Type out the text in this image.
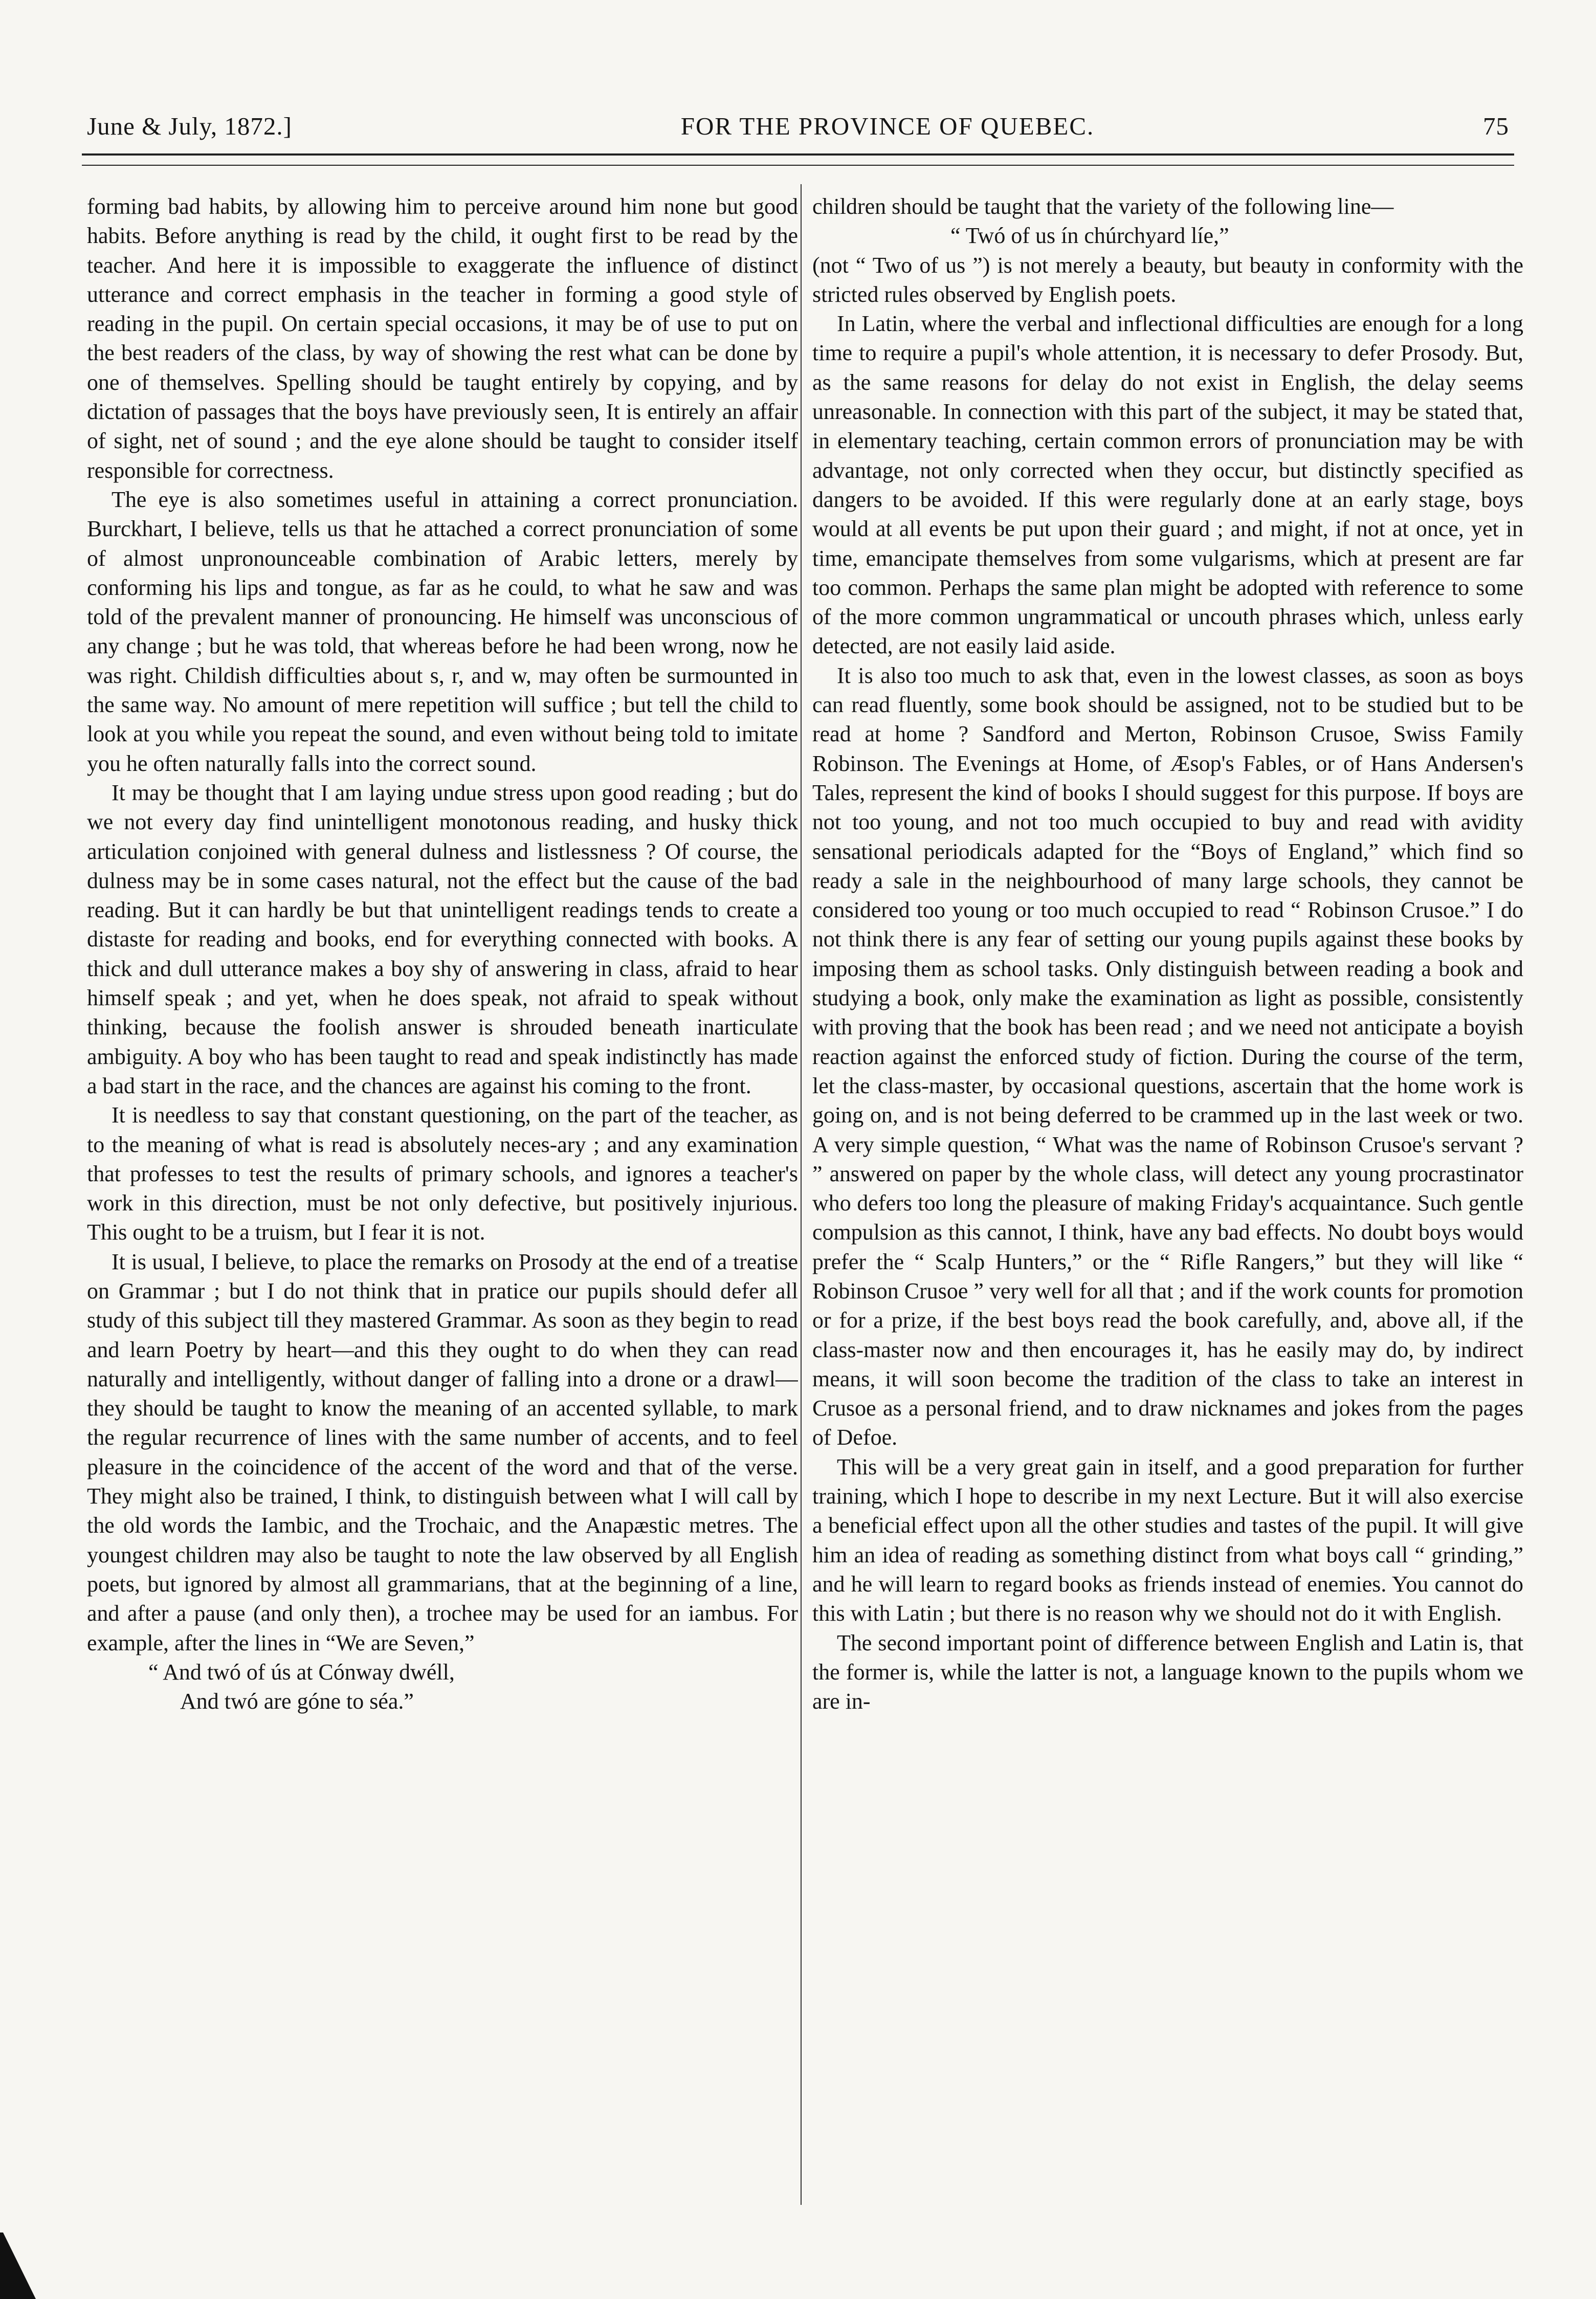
June & July, 1872.]	FOR THE PROVINCE OF QUEBEC.	75

forming bad habits, by allowing him to perceive around him none but good habits. Before anything is read by the child, it ought first to be read by the teacher. And here it is impossible to exaggerate the influence of distinct utterance and correct emphasis in the teacher in forming a good style of reading in the pupil. On certain special occasions, it may be of use to put on the best readers of the class, by way of showing the rest what can be done by one of themselves. Spelling should be taught entirely by copying, and by dictation of passages that the boys have previously seen, It is entirely an affair of sight, net of sound ; and the eye alone should be taught to consider itself responsible for correctness.

The eye is also sometimes useful in attaining a correct pronunciation. Burckhart, I believe, tells us that he attached a correct pronunciation of some of almost unpronounceable combination of Arabic letters, merely by conforming his lips and tongue, as far as he could, to what he saw and was told of the prevalent manner of pronouncing. He himself was unconscious of any change ; but he was told, that whereas before he had been wrong, now he was right. Childish difficulties about s, r, and w, may often be surmounted in the same way. No amount of mere repetition will suffice ; but tell the child to look at you while you repeat the sound, and even without being told to imitate you he often naturally falls into the correct sound.

It may be thought that I am laying undue stress upon good reading ; but do we not every day find unintelligent monotonous reading, and husky thick articulation conjoined with general dulness and listlessness ? Of course, the dulness may be in some cases natural, not the effect but the cause of the bad reading. But it can hardly be but that unintelligent readings tends to create a distaste for reading and books, end for everything connected with books. A thick and dull utterance makes a boy shy of answering in class, afraid to hear himself speak ; and yet, when he does speak, not afraid to speak without thinking, because the foolish answer is shrouded beneath inarticulate ambiguity. A boy who has been taught to read and speak indistinctly has made a bad start in the race, and the chances are against his coming to the front.

It is needless to say that constant questioning, on the part of the teacher, as to the meaning of what is read is absolutely neces-ary ; and any examination that professes to test the results of primary schools, and ignores a teacher's work in this direction, must be not only defective, but positively injurious. This ought to be a truism, but I fear it is not.

It is usual, I believe, to place the remarks on Prosody at the end of a treatise on Grammar ; but I do not think that in pratice our pupils should defer all study of this subject till they mastered Grammar. As soon as they begin to read and learn Poetry by heart—and this they ought to do when they can read naturally and intelligently, without danger of falling into a drone or a drawl—they should be taught to know the meaning of an accented syllable, to mark the regular recurrence of lines with the same number of accents, and to feel pleasure in the coincidence of the accent of the word and that of the verse. They might also be trained, I think, to distinguish between what I will call by the old words the Iambic, and the Trochaic, and the Anapæstic metres. The youngest children may also be taught to note the law observed by all English poets, but ignored by almost all grammarians, that at the beginning of a line, and after a pause (and only then), a trochee may be used for an iambus. For example, after the lines in “We are Seven,”

“ And twó of ús at Cónway dwéll,
And twó are góne to séa.”

children should be taught that the variety of the following line—

“ Twó of us ín chúrchyard líe,”

(not “ Two of us ”) is not merely a beauty, but beauty in conformity with the stricted rules observed by English poets.

In Latin, where the verbal and inflectional difficulties are enough for a long time to require a pupil's whole attention, it is necessary to defer Prosody. But, as the same reasons for delay do not exist in English, the delay seems unreasonable. In connection with this part of the subject, it may be stated that, in elementary teaching, certain common errors of pronunciation may be with advantage, not only corrected when they occur, but distinctly specified as dangers to be avoided. If this were regularly done at an early stage, boys would at all events be put upon their guard ; and might, if not at once, yet in time, emancipate themselves from some vulgarisms, which at present are far too common. Perhaps the same plan might be adopted with reference to some of the more common ungrammatical or uncouth phrases which, unless early detected, are not easily laid aside.

It is also too much to ask that, even in the lowest classes, as soon as boys can read fluently, some book should be assigned, not to be studied but to be read at home ? Sandford and Merton, Robinson Crusoe, Swiss Family Robinson. The Evenings at Home, of Æsop's Fables, or of Hans Andersen's Tales, represent the kind of books I should suggest for this purpose. If boys are not too young, and not too much occupied to buy and read with avidity sensational periodicals adapted for the “Boys of England,” which find so ready a sale in the neighbourhood of many large schools, they cannot be considered too young or too much occupied to read “ Robinson Crusoe.” I do not think there is any fear of setting our young pupils against these books by imposing them as school tasks. Only distinguish between reading a book and studying a book, only make the examination as light as possible, consistently with proving that the book has been read ; and we need not anticipate a boyish reaction against the enforced study of fiction. During the course of the term, let the class-master, by occasional questions, ascertain that the home work is going on, and is not being deferred to be crammed up in the last week or two. A very simple question, “ What was the name of Robinson Crusoe's servant ? ” answered on paper by the whole class, will detect any young procrastinator who defers too long the pleasure of making Friday's acquaintance. Such gentle compulsion as this cannot, I think, have any bad effects. No doubt boys would prefer the “ Scalp Hunters,” or the “ Rifle Rangers,” but they will like “ Robinson Crusoe ” very well for all that ; and if the work counts for promotion or for a prize, if the best boys read the book carefully, and, above all, if the class-master now and then encourages it, has he easily may do, by indirect means, it will soon become the tradition of the class to take an interest in Crusoe as a personal friend, and to draw nicknames and jokes from the pages of Defoe.

This will be a very great gain in itself, and a good preparation for further training, which I hope to describe in my next Lecture. But it will also exercise a beneficial effect upon all the other studies and tastes of the pupil. It will give him an idea of reading as something distinct from what boys call “ grinding,” and he will learn to regard books as friends instead of enemies. You cannot do this with Latin ; but there is no reason why we should not do it with English.

The second important point of difference between English and Latin is, that the former is, while the latter is not, a language known to the pupils whom we are in-
